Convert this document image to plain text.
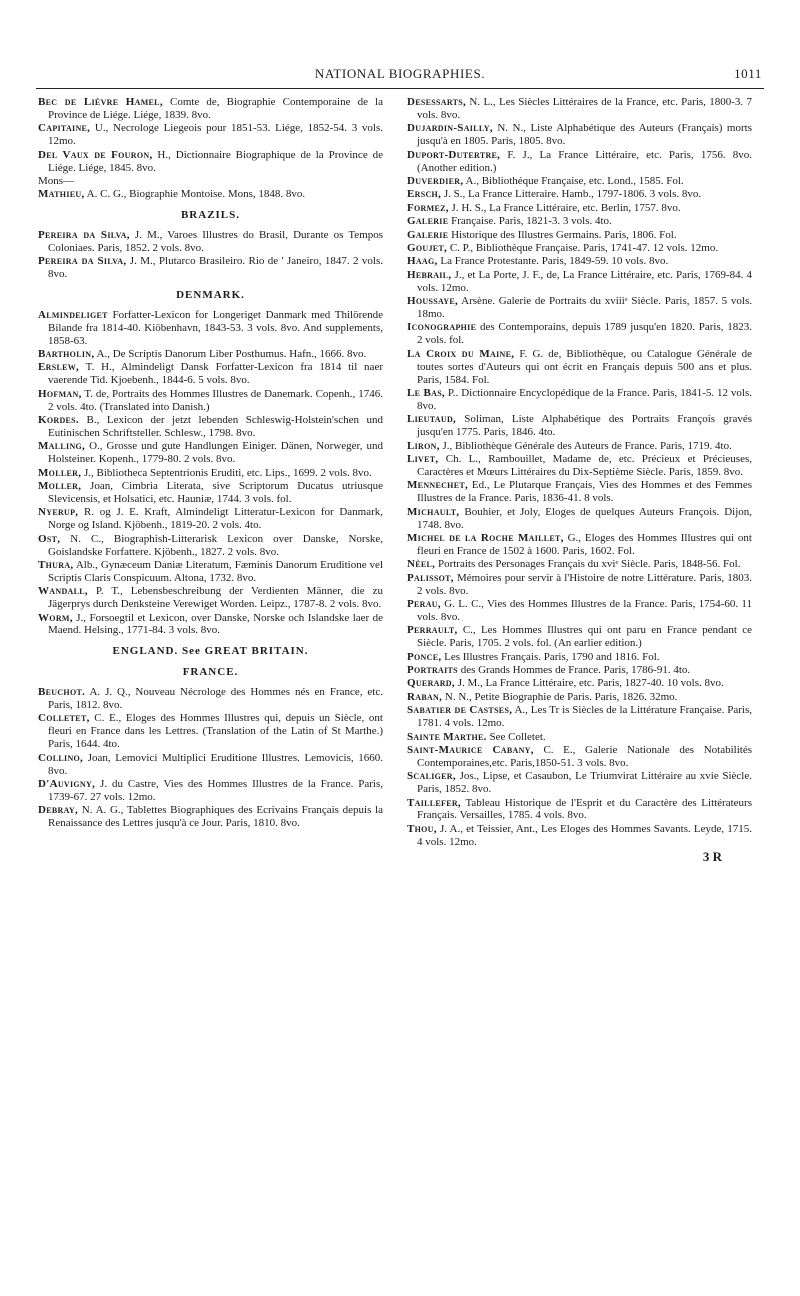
NATIONAL BIOGRAPHIES.	1011
Bec de Lièvre Hamel, Comte de, Biographie Contemporaine de la Province de Liége. Liége, 1839. 8vo.
Capitaine, U., Necrologe Liegeois pour 1851-53. Liége, 1852-54. 3 vols. 12mo.
Del Vaux de Fouron, H., Dictionnaire Biographique de la Province de Liége. Liége, 1845. 8vo.
Mons—
Mathieu, A. C. G., Biographie Montoise. Mons, 1848. 8vo.
BRAZILS.
Pereira da Silva, J. M., Varoes Illustres do Brasil, Durante os Tempos Coloniaes. Paris, 1852. 2 vols. 8vo.
Pereira da Silva, J. M., Plutarco Brasileiro. Rio de ' Janeiro, 1847. 2 vols. 8vo.
DENMARK.
Almindeliget Forfatter-Lexicon for Longeriget Danmark med Thilörende Bilande fra 1814-40. Kiöbenhavn, 1843-53. 3 vols. 8vo. And supplements, 1858-63.
Bartholin, A., De Scriptis Danorum Liber Posthumus. Hafn., 1666. 8vo.
Erslew, T. H., Almindeligt Dansk Forfatter-Lexicon fra 1814 til naer vaerende Tid. Kjoebenh., 1844-6. 5 vols. 8vo.
Hofman, T. de, Portraits des Hommes Illustres de Danemark. Copenh., 1746. 2 vols. 4to. (Translated into Danish.)
Kordes. B., Lexicon der jetzt lebenden Schleswig-Holstein'schen und Eutinischen Schriftsteller. Schlesw., 1798. 8vo.
Malling, O., Grosse und gute Handlungen Einiger. Dänen, Norweger, und Holsteiner. Kopenh., 1779-80. 2 vols. 8vo.
Moller, J., Bibliotheca Septentrionis Eruditi, etc. Lips., 1699. 2 vols. 8vo.
Moller, Joan, Cimbria Literata, sive Scriptorum Ducatus utriusque Slevicensis, et Holsatici, etc. Hauniæ, 1744. 3 vols. fol.
Nyerup, R. og J. E. Kraft, Almindeligt Litteratur-Lexicon for Danmark, Norge og Island. Kjöbenh., 1819-20. 2 vols. 4to.
Ost, N. C., Biographish-Litterarisk Lexicon over Danske, Norske, Goislandske Forfattere. Kjöbenh., 1827. 2 vols. 8vo.
Thura, Alb., Gynæceum Daniæ Literatum, Fæminis Danorum Eruditione vel Scriptis Claris Conspicuum. Altona, 1732. 8vo.
Wandall, P. T., Lebensbeschreibung der Verdienten Männer, die zu Jägerprys durch Denksteine Verewiget Worden. Leipz., 1787-8. 2 vols. 8vo.
Worm, J., Forsoegtil et Lexicon, over Danske, Norske och Islandske laer de Maend. Helsing., 1771-84. 3 vols. 8vo.
ENGLAND. See GREAT BRITAIN.
FRANCE.
Beuchot. A. J. Q., Nouveau Nécrologe des Hommes nés en France, etc. Paris, 1812. 8vo.
Colletet, C. E., Eloges des Hommes Illustres qui, depuis un Siècle, ont fleuri en France dans les Lettres. (Translation of the Latin of St Marthe.) Paris, 1644. 4to.
Collino, Joan, Lemovici Multiplici Eruditione Illustres. Lemovicis, 1660. 8vo.
D'Auvigny, J. du Castre, Vies des Hommes Illustres de la France. Paris, 1739-67. 27 vols. 12mo.
Debray, N. A. G., Tablettes Biographiques des Ecrivains Français depuis la Renaissance des Lettres jusqu'à ce Jour. Paris, 1810. 8vo.
Desessarts, N. L., Les Siècles Littéraires de la France, etc. Paris, 1800-3. 7 vols. 8vo.
Dujardin-Sailly, N. N., Liste Alphabétique des Auteurs (Français) morts jusqu'à en 1805. Paris, 1805. 8vo.
Duport-Dutertre, F. J., La France Littéraire, etc. Paris, 1756. 8vo. (Another edition.)
Duverdier, A., Bibliothéque Française, etc. Lond., 1585. Fol.
Ersch, J. S., La France Litteraire. Hamb., 1797-1806. 3 vols. 8vo.
Formez, J. H. S., La France Littéraire, etc. Berlin, 1757. 8vo.
Galerie Française. Paris, 1821-3. 3 vols. 4to.
Galerie Historique des Illustres Germains. Paris, 1806. Fol.
Goujet, C. P., Bibliothèque Française. Paris, 1741-47. 12 vols. 12mo.
Haag, La France Protestante. Paris, 1849-59. 10 vols. 8vo.
Hebrail, J., et La Porte, J. F., de, La France Littéraire, etc. Paris, 1769-84. 4 vols. 12mo.
Houssaye, Arsène. Galerie de Portraits du xviiiᵉ Siècle. Paris, 1857. 5 vols. 18mo.
Iconographie des Contemporains, depuis 1789 jusqu'en 1820. Paris, 1823. 2 vols. fol.
La Croix du Maine, F. G. de, Bibliothèque, ou Catalogue Générale de toutes sortes d'Auteurs qui ont écrit en Français depuis 500 ans et plus. Paris, 1584. Fol.
Le Bas, P.. Dictionnaire Encyclopédique de la France. Paris, 1841-5. 12 vols. 8vo.
Lieutaud, Soliman, Liste Alphabétique des Portraits François gravés jusqu'en 1775. Paris, 1846. 4to.
Liron, J., Bibliothèque Générale des Auteurs de France. Paris, 1719. 4to.
Livet, Ch. L., Rambouillet, Madame de, etc. Précieux et Précieuses, Caractères et Mœurs Littéraires du Dix-Septième Siècle. Paris, 1859. 8vo.
Mennechet, Ed., Le Plutarque Français, Vies des Hommes et des Femmes Illustres de la France. Paris, 1836-41. 8 vols.
Michault, Bouhier, et Joly, Eloges de quelques Auteurs François. Dijon, 1748. 8vo.
Michel de la Roche Maillet, G., Eloges des Hommes Illustres qui ont fleuri en France de 1502 à 1600. Paris, 1602. Fol.
Nèel, Portraits des Personages Français du xviᵉ Siècle. Paris, 1848-56. Fol.
Palissot, Mémoires pour servir à l'Histoire de notre Littérature. Paris, 1803. 2 vols. 8vo.
Perau, G. L. C., Vies des Hommes Illustres de la France. Paris, 1754-60. 11 vols. 8vo.
Perrault, C., Les Hommes Illustres qui ont paru en France pendant ce Siècle. Paris, 1705. 2 vols. fol. (An earlier edition.)
Ponce, Les Illustres Français. Paris, 1790 and 1816. Fol.
Portraits des Grands Hommes de France. Paris, 1786-91. 4to.
Querard, J. M., La France Littéraire, etc. Paris, 1827-40. 10 vols. 8vo.
Raban, N. N., Petite Biographie de Paris. Paris, 1826. 32mo.
Sabatier de Castses, A., Les Tr is Siècles de la Littérature Française. Paris, 1781. 4 vols. 12mo.
Sainte Marthe. See Colletet.
Saint-Maurice Cabany, C. E., Galerie Nationale des Notabilités Contemporaines,etc. Paris,1850-51. 3 vols. 8vo.
Scaliger, Jos., Lipse, et Casaubon, Le Triumvirat Littéraire au xvie Siècle. Paris, 1852. 8vo.
Taillefer, Tableau Historique de l'Esprit et du Caractère des Littérateurs Français. Versailles, 1785. 4 vols. 8vo.
Thou, J. A., et Teissier, Ant., Les Eloges des Hommes Savants. Leyde, 1715. 4 vols. 12mo.
3 R
